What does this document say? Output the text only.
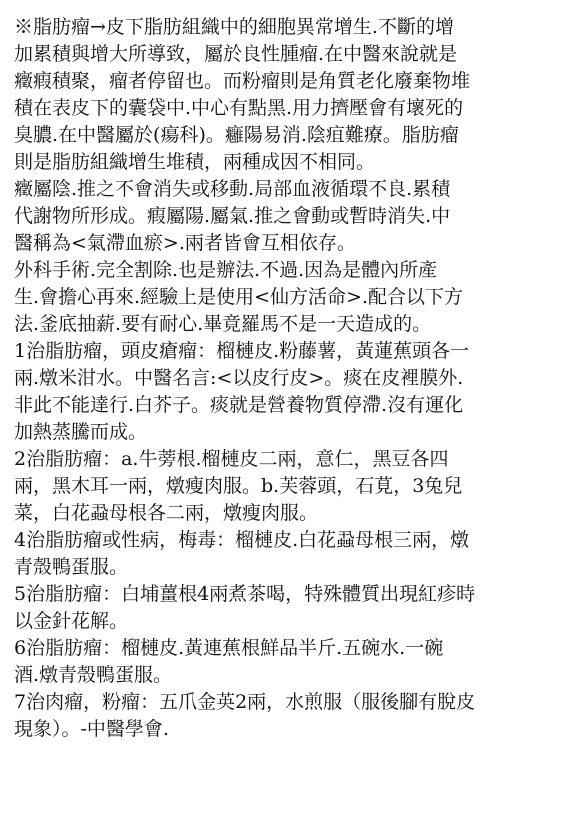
※脂肪瘤→皮下脂肪組織中的細胞異常增生.不斷的增
加累積與增大所導致，屬於良性腫瘤.在中醫來說就是
癥瘕積聚，瘤者停留也。而粉瘤則是角質老化廢棄物堆
積在表皮下的囊袋中.中心有點黑.用力擠壓會有壞死的
臭膿.在中醫屬於(瘍科)。癰陽易消.陰疽難療。脂肪瘤
則是脂肪組織增生堆積，兩種成因不相同。
癥屬陰.推之不會消失或移動.局部血液循環不良.累積
代謝物所形成。瘕屬陽.屬氣.推之會動或暫時消失.中
醫稱為<氣滯血瘀>.兩者皆會互相依存。
外科手術.完全割除.也是辦法.不過.因為是體內所產
生.會擔心再來.經驗上是使用<仙方活命>.配合以下方
法.釜底抽薪.要有耐心.畢竟羅馬不是一天造成的。
1治脂肪瘤，頭皮瘡瘤：榴槤皮.粉藤薯，黃蓮蕉頭各一
兩.燉米泔水。中醫名言:<以皮行皮>。痰在皮裡膜外.
非此不能達行.白芥子。痰就是營養物質停滯.沒有運化
加熱蒸騰而成。
2治脂肪瘤：a.牛蒡根.榴槤皮二兩，意仁，黑豆各四
兩，黑木耳一兩，燉瘦肉服。b.芙蓉頭，石莧，3兔兒
菜，白花蝨母根各二兩，燉瘦肉服。
4治脂肪瘤或性病，梅毒：榴槤皮.白花蝨母根三兩，燉
青殼鴨蛋服。
5治脂肪瘤：白埔薑根4兩煮茶喝，特殊體質出現紅疹時
以金針花解。
6治脂肪瘤：榴槤皮.黃連蕉根鮮品半斤.五碗水.一碗
酒.燉青殼鴨蛋服。
7治肉瘤，粉瘤：五爪金英2兩，水煎服（服後腳有脫皮
現象）。-中醫學會.
